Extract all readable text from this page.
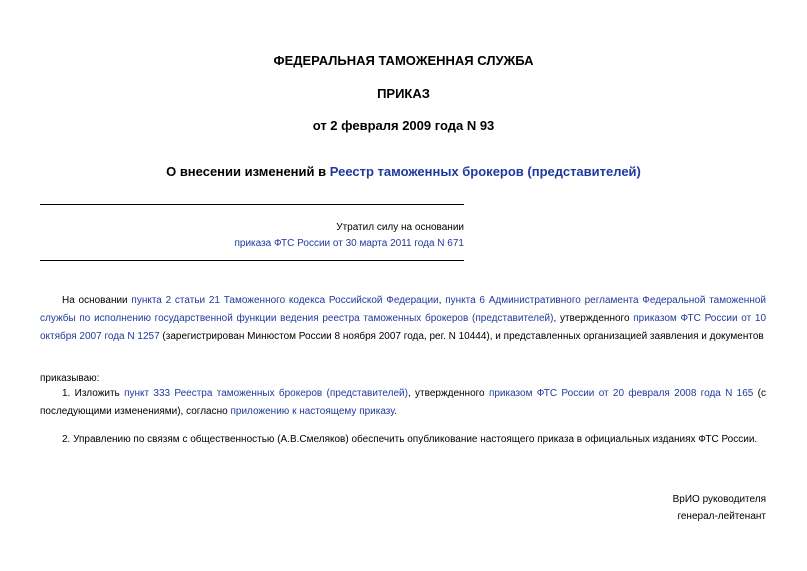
ФЕДЕРАЛЬНАЯ ТАМОЖЕННАЯ СЛУЖБА
ПРИКАЗ
от 2 февраля 2009 года N 93
О внесении изменений в Реестр таможенных брокеров (представителей)
Утратил силу на основании
приказа ФТС России от 30 марта 2011 года N 671
На основании пункта 2 статьи 21 Таможенного кодекса Российской Федерации, пункта 6 Административного регламента Федеральной таможенной службы по исполнению государственной функции ведения реестра таможенных брокеров (представителей), утвержденного приказом ФТС России от 10 октября 2007 года N 1257 (зарегистрирован Минюстом России 8 ноября 2007 года, рег. N 10444), и представленных организацией заявления и документов
приказываю:
1. Изложить пункт 333 Реестра таможенных брокеров (представителей), утвержденного приказом ФТС России от 20 февраля 2008 года N 165 (с последующими изменениями), согласно приложению к настоящему приказу.
2. Управлению по связям с общественностью (А.В.Смеляков) обеспечить опубликование настоящего приказа в официальных изданиях ФТС России.
ВрИО руководителя
генерал-лейтенант
